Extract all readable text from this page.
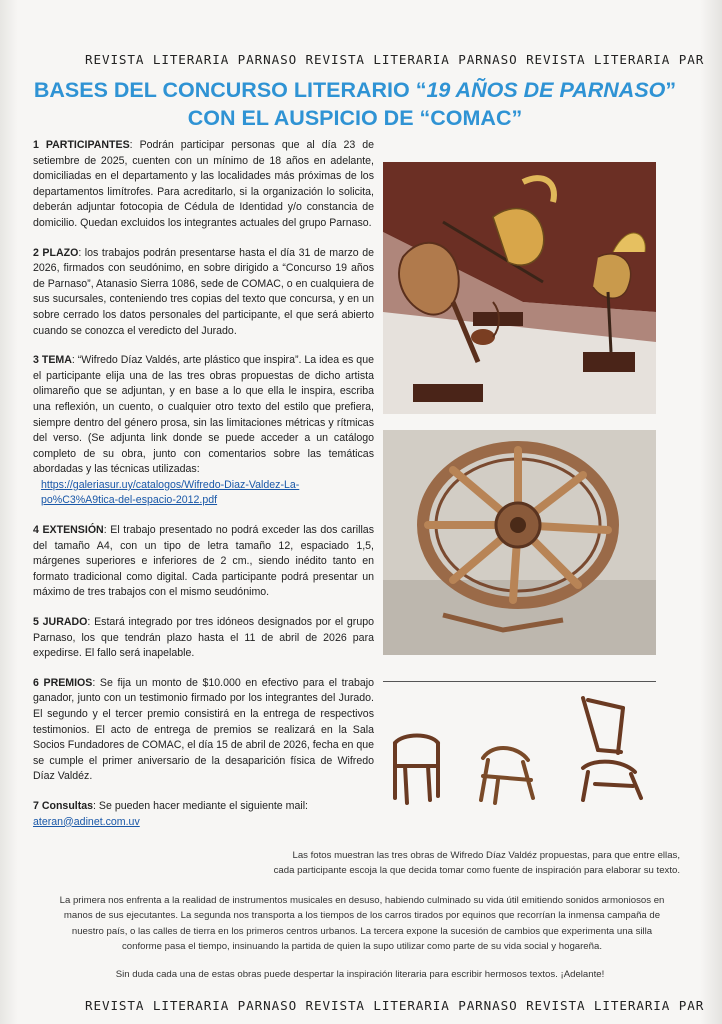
REVISTA LITERARIA PARNASO REVISTA LITERARIA PARNASO REVISTA LITERARIA PAR
BASES DEL CONCURSO LITERARIO “19 AÑOS DE PARNASO”
CON EL AUSPICIO DE “COMAC”

1 PARTICIPANTES: Podrán participar personas que al día 23 de setiembre de 2025, cuenten con un mínimo de 18 años en adelante, domiciliadas en el departamento y las localidades más próximas de los departamentos limítrofes. Para acreditarlo, si la organización lo solicita, deberán adjuntar fotocopia de Cédula de Identidad y/o constancia de domicilio. Quedan excluidos los integrantes actuales del grupo Parnaso.

2 PLAZO: los trabajos podrán presentarse hasta el día 31 de marzo de 2026, firmados con seudónimo, en sobre dirigido a “Concurso 19 años de Parnaso”, Atanasio Sierra 1086, sede de COMAC, o en cualquiera de sus sucursales, conteniendo tres copias del texto que concursa, y en un sobre cerrado los datos personales del participante, el que será abierto cuando se conozca el veredicto del Jurado.

3 TEMA: “Wifredo Díaz Valdés, arte plástico que inspira”. La idea es que el participante elija una de las tres obras propuestas de dicho artista olimareño que se adjuntan, y en base a lo que ella le inspira, escriba una reflexión, un cuento, o cualquier otro texto del estilo que prefiera, siempre dentro del género prosa, sin las limitaciones métricas y rítmicas del verso. (Se adjunta link donde se puede acceder a un catálogo completo de su obra, junto con comentarios sobre las temáticas abordadas y las técnicas utilizadas:
https://galeriasur.uy/catalogos/Wifredo-Diaz-Valdez-La-
po%C3%A9tica-del-espacio-2012.pdf

4 EXTENSIÓN: El trabajo presentado no podrá exceder las dos carillas del tamaño A4, con un tipo de letra tamaño 12, espaciado 1,5, márgenes superiores e inferiores de 2 cm., siendo inédito tanto en formato tradicional como digital. Cada participante podrá presentar un máximo de tres trabajos con el mismo seudónimo.

5 JURADO: Estará integrado por tres idóneos designados por el grupo Parnaso, los que tendrán plazo hasta el 11 de abril de 2026 para expedirse. El fallo será inapelable.

6 PREMIOS: Se fija un monto de $10.000 en efectivo para el trabajo ganador, junto con un testimonio firmado por los integrantes del Jurado. El segundo y el tercer premio consistirá en la entrega de respectivos testimonios. El acto de entrega de premios se realizará en la Sala Socios Fundadores de COMAC, el día 15 de abril de 2026, fecha en que se cumple el primer aniversario de la desaparición física de Wifredo Díaz Valdéz.

7 Consultas: Se pueden hacer mediante el siguiente mail:
ateran@adinet.com.uv

Las fotos muestran las tres obras de Wifredo Díaz Valdéz propuestas, para que entre ellas,
cada participante escoja la que decida tomar como fuente de inspiración para elaborar su texto.
La primera nos enfrenta a la realidad de instrumentos musicales en desuso, habiendo culminado su vida útil emitiendo sonidos armoniosos en manos de sus ejecutantes. La segunda nos transporta a los tiempos de los carros tirados por equinos que recorrían la inmensa campaña de nuestro país, o las calles de tierra en los primeros centros urbanos. La tercera expone la sucesión de cambios que experimenta una silla conforme pasa el tiempo, insinuando la partida de quien la supo utilizar como parte de su vida social y hogareña.
Sin duda cada una de estas obras puede despertar la inspiración literaria para escribir hermosos textos. ¡Adelante!
REVISTA LITERARIA PARNASO REVISTA LITERARIA PARNASO REVISTA LITERARIA PAR
